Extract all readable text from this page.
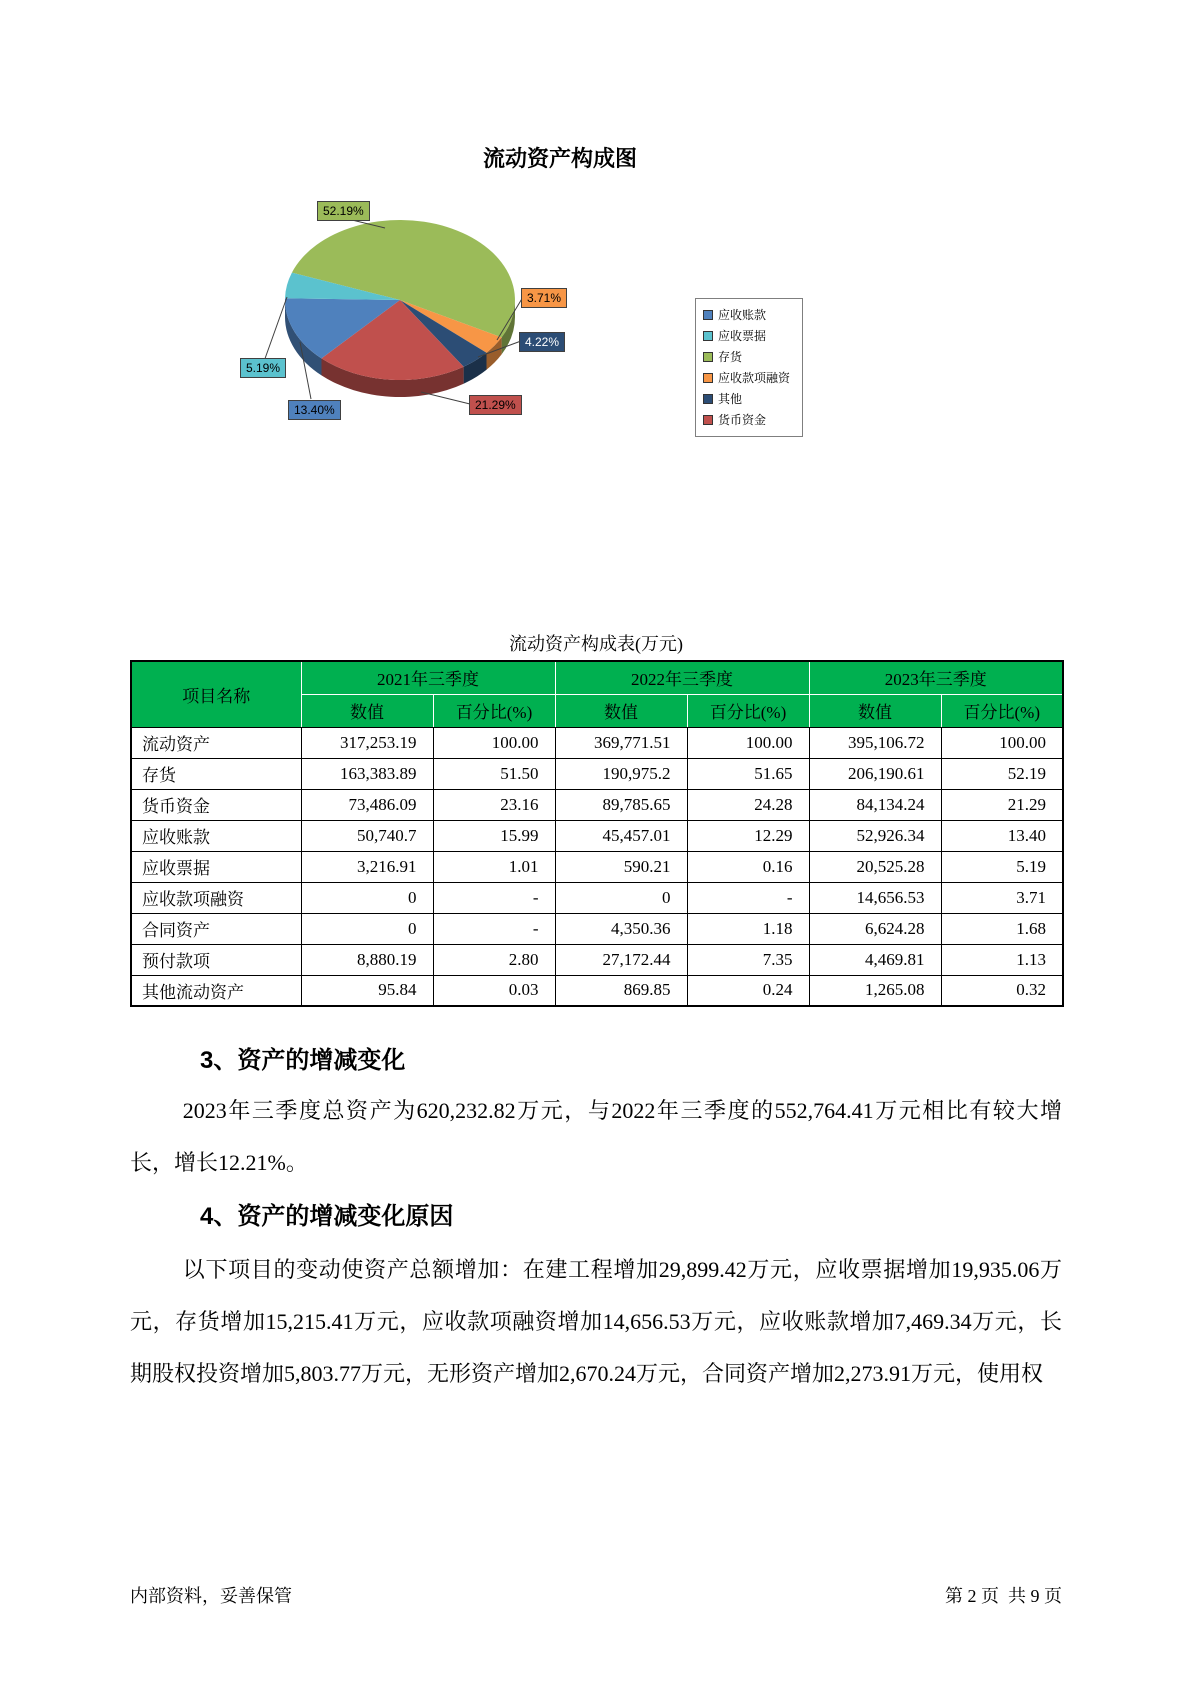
流动资产构成图
应收账款
应收票据
存货
应收款项融资
其他
货币资金
流动资产构成表(万元)
项目名称	2021年三季度		2022年三季度		2023年三季度	
	数值	百分比(%)	数值	百分比(%)	数值	百分比(%)
流动资产	317,253.19	100.00	369,771.51	100.00	395,106.72	100.00
存货	163,383.89	51.50	190,975.2	51.65	206,190.61	52.19
货币资金	73,486.09	23.16	89,785.65	24.28	84,134.24	21.29
应收账款	50,740.7	15.99	45,457.01	12.29	52,926.34	13.40
应收票据	3,216.91	1.01	590.21	0.16	20,525.28	5.19
应收款项融资	0	-	0	-	14,656.53	3.71
合同资产	0	-	4,350.36	1.18	6,624.28	1.68
预付款项	8,880.19	2.80	27,172.44	7.35	4,469.81	1.13
其他流动资产	95.84	0.03	869.85	0.24	1,265.08	0.32
3、资产的增减变化
2023年三季度总资产为620,232.82万元，与2022年三季度的552,764.41万元相比有较大增长，增长12.21%。
4、资产的增减变化原因
以下项目的变动使资产总额增加：在建工程增加29,899.42万元，应收票据增加19,935.06万元，存货增加15,215.41万元，应收款项融资增加14,656.53万元，应收账款增加7,469.34万元，长期股权投资增加5,803.77万元，无形资产增加2,670.24万元，合同资产增加2,273.91万元，使用权
内部资料，妥善保管	第 2 页  共 9 页
13.40%
5.19%
52.19%
3.71%
4.22%
21.29%
